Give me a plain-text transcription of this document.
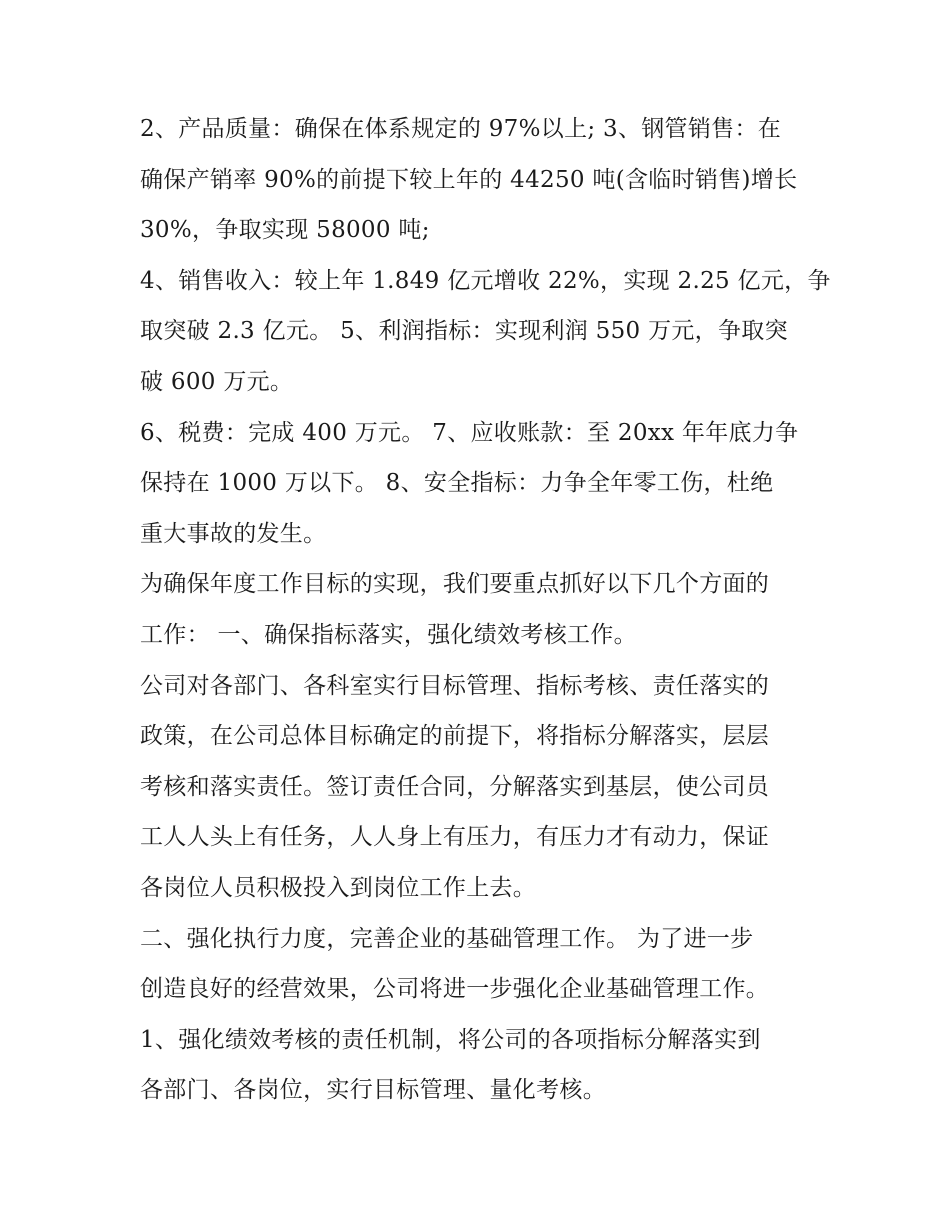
2、产品质量：确保在体系规定的 97%以上; 3、钢管销售：在
确保产销率 90%的前提下较上年的 44250 吨(含临时销售)增长
30%，争取实现 58000 吨;
4、销售收入：较上年 1.849 亿元增收 22%，实现 2.25 亿元，争
取突破 2.3 亿元。 5、利润指标：实现利润 550 万元，争取突
破 600 万元。
6、税费：完成 400 万元。 7、应收账款：至 20xx 年年底力争
保持在 1000 万以下。 8、安全指标：力争全年零工伤，杜绝
重大事故的发生。
为确保年度工作目标的实现，我们要重点抓好以下几个方面的
工作： 一、确保指标落实，强化绩效考核工作。
公司对各部门、各科室实行目标管理、指标考核、责任落实的
政策，在公司总体目标确定的前提下，将指标分解落实，层层
考核和落实责任。签订责任合同，分解落实到基层，使公司员
工人人头上有任务，人人身上有压力，有压力才有动力，保证
各岗位人员积极投入到岗位工作上去。
二、强化执行力度，完善企业的基础管理工作。 为了进一步
创造良好的经营效果，公司将进一步强化企业基础管理工作。
1、强化绩效考核的责任机制，将公司的各项指标分解落实到
各部门、各岗位，实行目标管理、量化考核。
